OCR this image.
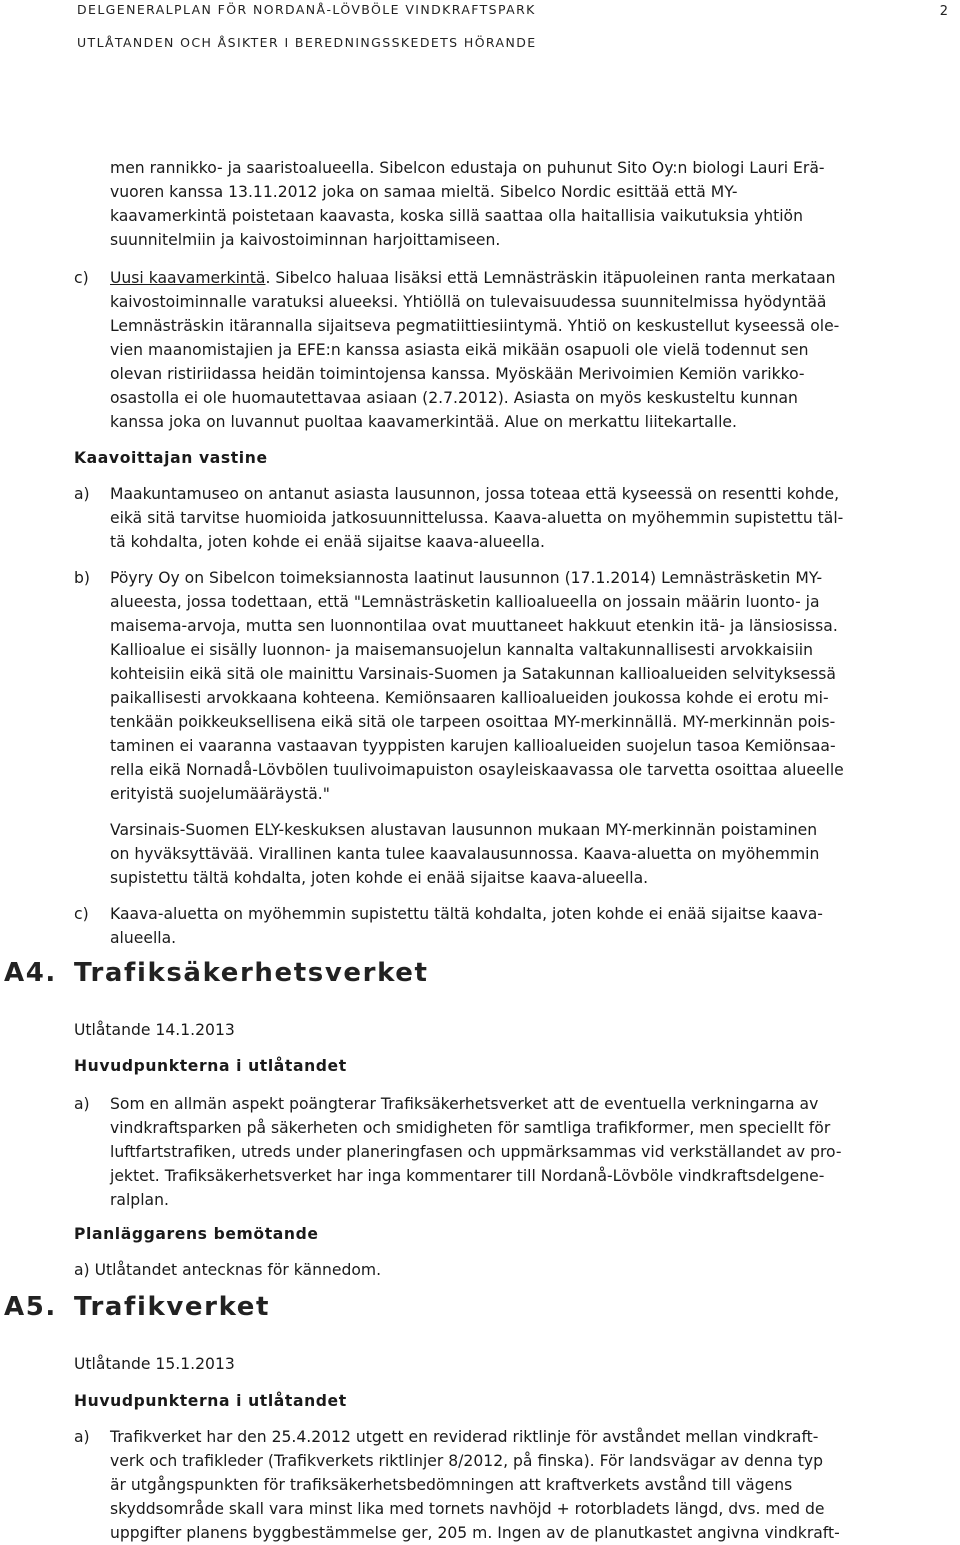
DELGENERALPLAN FÖR NORDANÅ-LÖVBÖLE VINDKRAFTSPARK
UTLÅTANDEN OCH ÅSIKTER I BEREDNINGSSKEDETS HÖRANDE
2
men rannikko- ja saaristoalueella. Sibelcon edustaja on puhunut Sito Oy:n biologi Lauri Erä-
vuoren kanssa 13.11.2012 joka on samaa mieltä. Sibelco Nordic esittää että MY-
kaavamerkintä poistetaan kaavasta, koska sillä saattaa olla haitallisia vaikutuksia yhtiön
suunnitelmiin ja kaivostoiminnan harjoittamiseen.
c) Uusi kaavamerkintä. Sibelco haluaa lisäksi että Lemnästräskin itäpuoleinen ranta merkataan
kaivostoiminnalle varatuksi alueeksi. Yhtiöllä on tulevaisuudessa suunnitelmissa hyödyntää
Lemnästräskin itärannalla sijaitseva pegmatiittiesiintymä. Yhtiö on keskustellut kyseessä ole-
vien maanomistajien ja EFE:n kanssa asiasta eikä mikään osapuoli ole vielä todennut sen
olevan ristiriidassa heidän toimintojensa kanssa. Myöskään Merivoimien Kemiön varikko-
osastolla ei ole huomautettavaa asiaan (2.7.2012). Asiasta on myös keskusteltu kunnan
kanssa joka on luvannut puoltaa kaavamerkintää. Alue on merkattu liitekartalle.
Kaavoittajan vastine
a) Maakuntamuseo on antanut asiasta lausunnon, jossa toteaa että kyseessä on resentti kohde,
eikä sitä tarvitse huomioida jatkosuunnittelussa. Kaava-aluetta on myöhemmin supistettu täl-
tä kohdalta, joten kohde ei enää sijaitse kaava-alueella.
b) Pöyry Oy on Sibelcon toimeksiannosta laatinut lausunnon (17.1.2014) Lemnästräsketin MY-
alueesta, jossa todettaan, että "Lemnästräsketin kallioalueella on jossain määrin luonto- ja
maisema-arvoja, mutta sen luonnontilaa ovat muuttaneet hakkuut etenkin itä- ja länsiosissa.
Kallioalue ei sisälly luonnon- ja maisemansuojelun kannalta valtakunnallisesti arvokkaisiin
kohteisiin eikä sitä ole mainittu Varsinais-Suomen ja Satakunnan kallioalueiden selvityksessä
paikallisesti arvokkaana kohteena. Kemiönsaaren kallioalueiden joukossa kohde ei erotu mi-
tenkään poikkeuksellisena eikä sitä ole tarpeen osoittaa MY-merkinnällä. MY-merkinnän pois-
taminen ei vaaranna vastaavan tyyppisten karujen kallioalueiden suojelun tasoa Kemiönsaa-
rella eikä Nornadå-Lövbölen tuulivoimapuiston osayleiskaavassa ole tarvetta osoittaa alueelle
erityistä suojelumääräystä."
Varsinais-Suomen ELY-keskuksen alustavan lausunnon mukaan MY-merkinnän poistaminen
on hyväksyttävää. Virallinen kanta tulee kaavalausunnossa. Kaava-aluetta on myöhemmin
supistettu tältä kohdalta, joten kohde ei enää sijaitse kaava-alueella.
c) Kaava-aluetta on myöhemmin supistettu tältä kohdalta, joten kohde ei enää sijaitse kaava-
alueella.
A4. Trafiksäkerhetsverket
Utlåtande 14.1.2013
Huvudpunkterna i utlåtandet
a) Som en allmän aspekt poängterar Trafiksäkerhetsverket att de eventuella verkningarna av
vindkraftsparken på säkerheten och smidigheten för samtliga trafikformer, men speciellt för
luftfartstrafiken, utreds under planeringfasen och uppmärksammas vid verkställandet av pro-
jektet. Trafiksäkerhetsverket har inga kommentarer till Nordanå-Lövböle vindkraftsdelgene-
ralplan.
Planläggarens bemötande
a) Utlåtandet antecknas för kännedom.
A5. Trafikverket
Utlåtande 15.1.2013
Huvudpunkterna i utlåtandet
a) Trafikverket har den 25.4.2012 utgett en reviderad riktlinje för avståndet mellan vindkraft-
verk och trafikleder (Trafikverkets riktlinjer 8/2012, på finska). För landsvägar av denna typ
är utgångspunkten för trafiksäkerhetsbedömningen att kraftverkets avstånd till vägens
skyddsområde skall vara minst lika med tornets navhöjd + rotorbladets längd, dvs. med de
uppgifter planens byggbestämmelse ger, 205 m. Ingen av de planutkastet angivna vindkraft-
